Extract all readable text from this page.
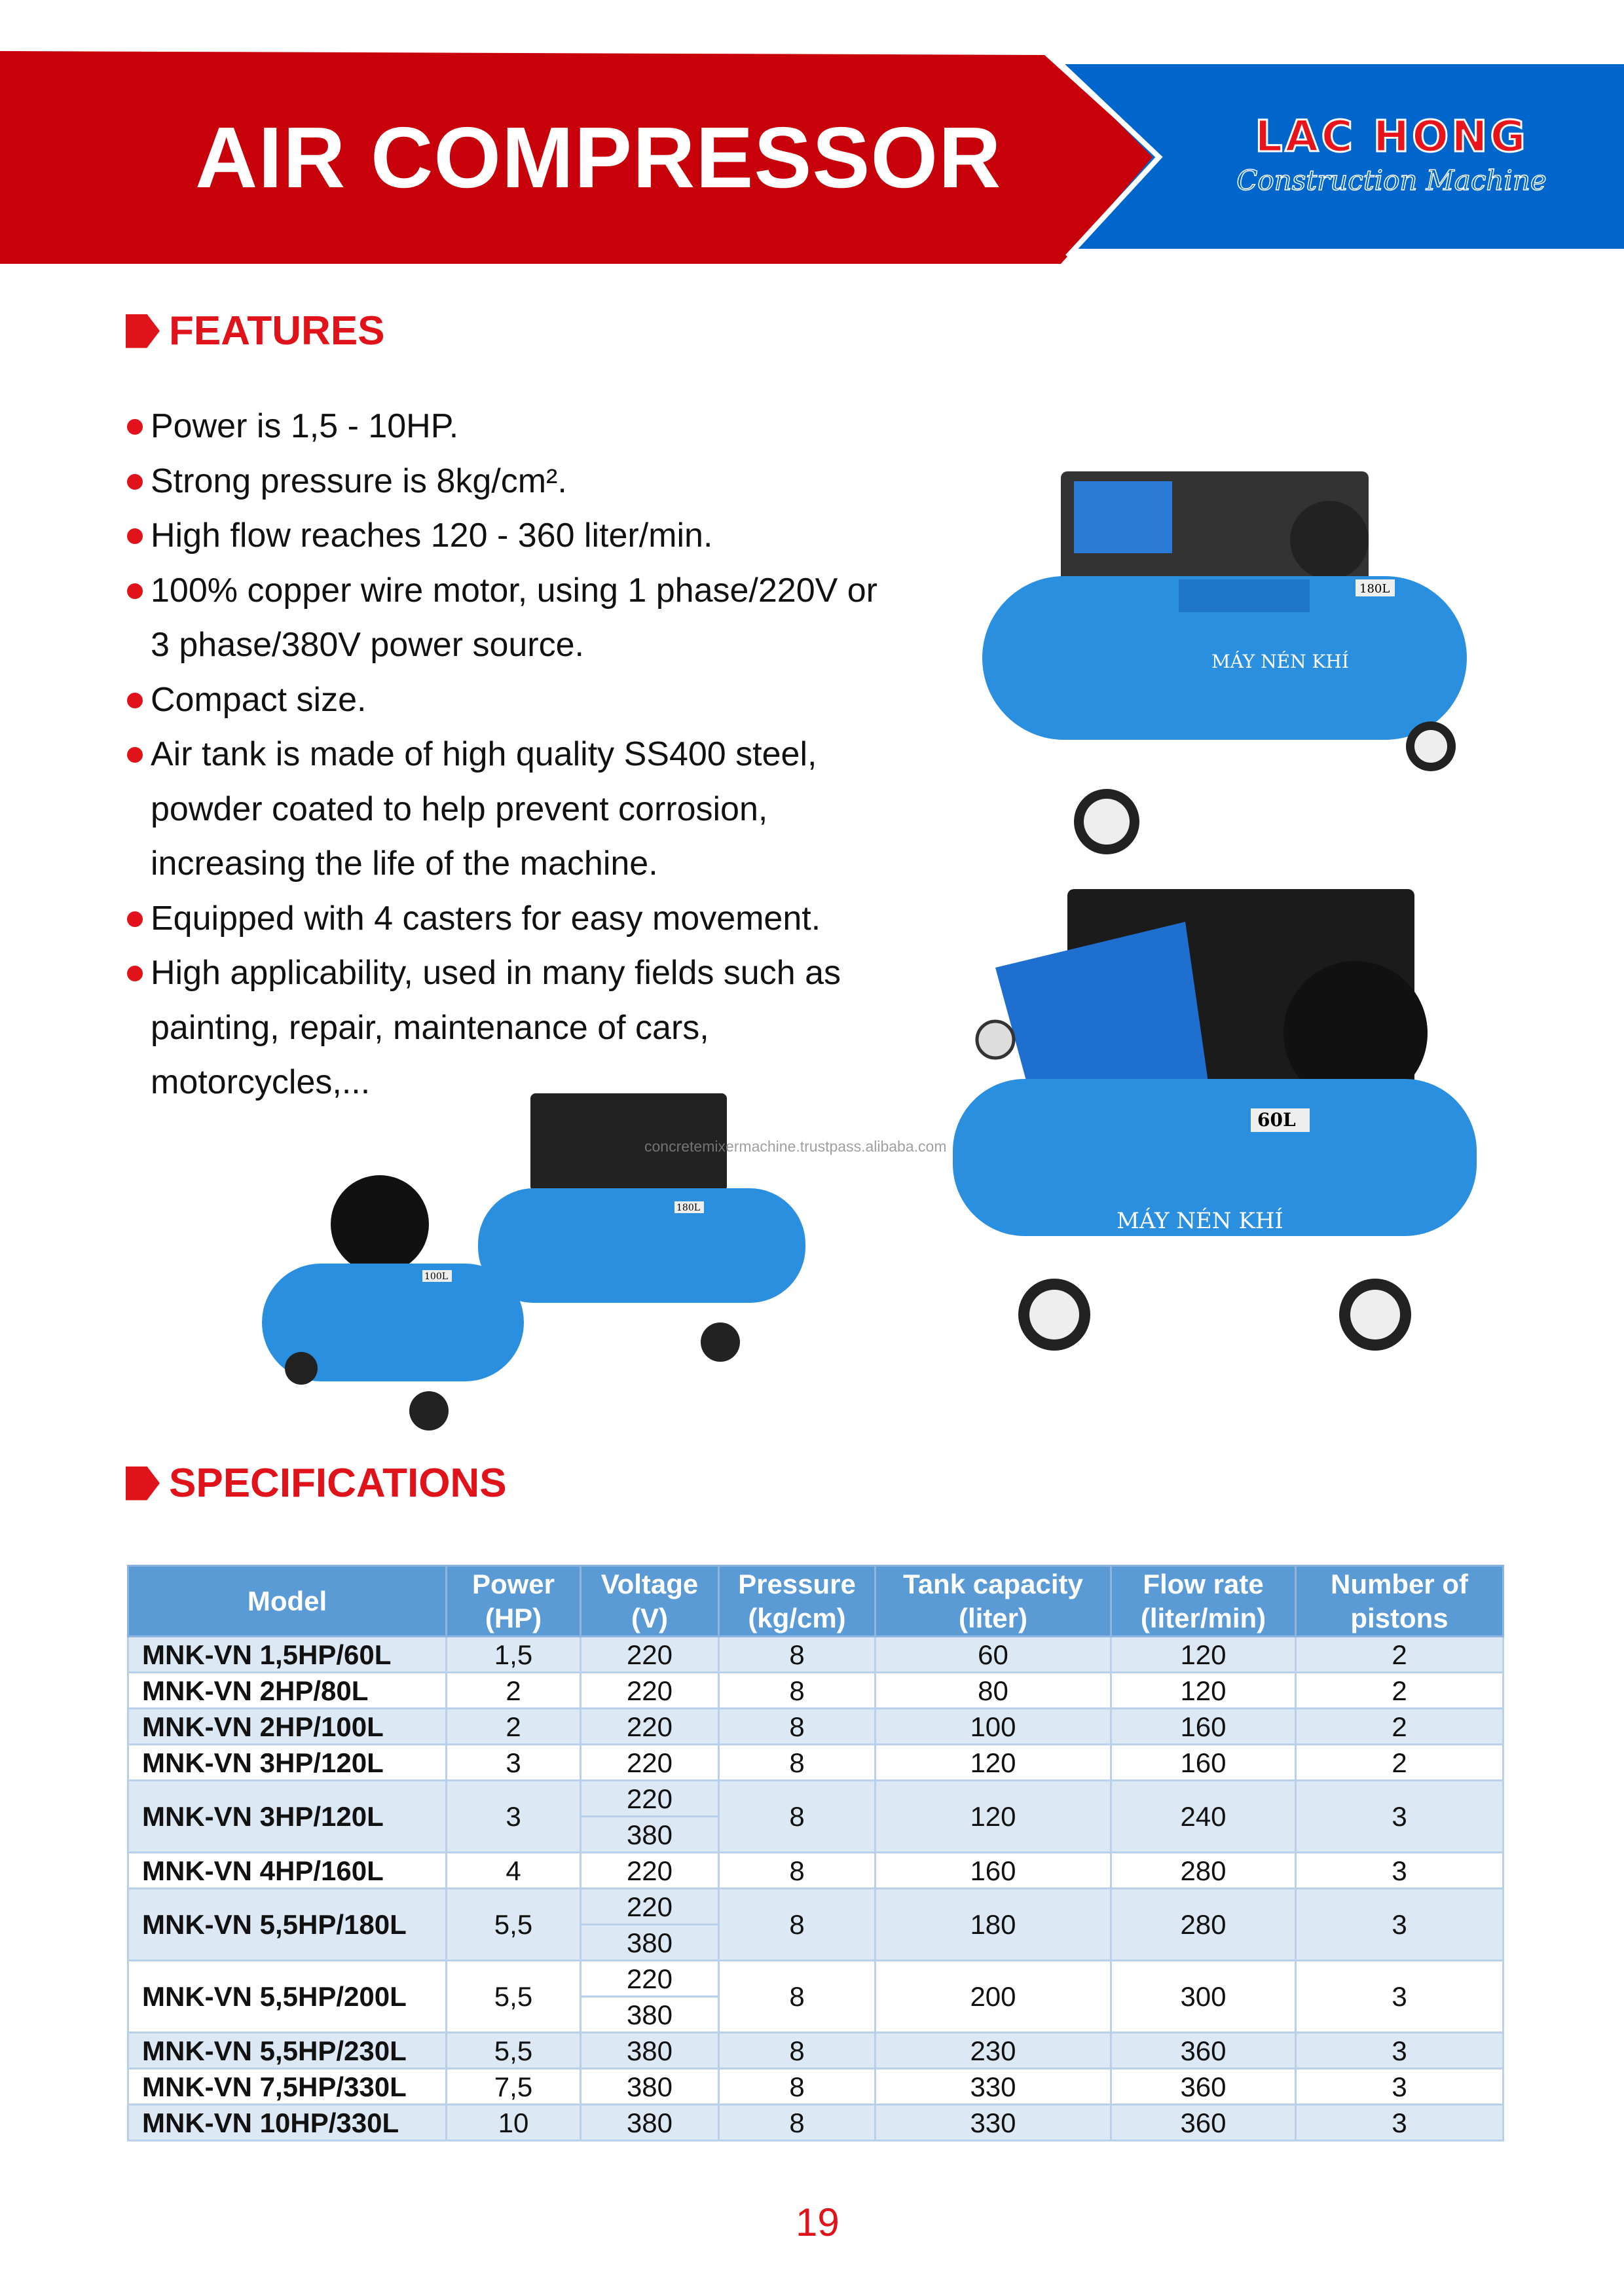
AIR COMPRESSOR	LAC HONG
Construction Machine
FEATURES
Power is 1,5 - 10HP.
Strong pressure is 8kg/cm².
High flow reaches 120 - 360 liter/min.
100% copper wire motor, using 1 phase/220V or 3 phase/380V power source.
Compact size.
Air tank is made of high quality SS400 steel, powder coated to help prevent corrosion, increasing the life of the machine.
Equipped with 4 casters for easy movement.
High applicability, used in many fields such as painting, repair, maintenance of cars, motorcycles,...
MÁY NÉN KHÍ
180L
60L
MÁY NÉN KHÍ
180L
100L
concretemixermachine.trustpass.alibaba.com
SPECIFICATIONS
Model	Power (HP)	Voltage (V)	Pressure (kg/cm)	Tank capacity (liter)	Flow rate (liter/min)	Number of pistons
MNK-VN 1,5HP/60L	1,5	220	8	60	120	2
MNK-VN 2HP/80L	2	220	8	80	120	2
MNK-VN 2HP/100L	2	220	8	100	160	2
MNK-VN 3HP/120L	3	220	8	120	160	2
MNK-VN 3HP/120L	3	220	8	120	240	3
		380				
MNK-VN 4HP/160L	4	220	8	160	280	3
MNK-VN 5,5HP/180L	5,5	220	8	180	280	3
		380				
MNK-VN 5,5HP/200L	5,5	220	8	200	300	3
		380				
MNK-VN 5,5HP/230L	5,5	380	8	230	360	3
MNK-VN 7,5HP/330L	7,5	380	8	330	360	3
MNK-VN 10HP/330L	10	380	8	330	360	3
19
